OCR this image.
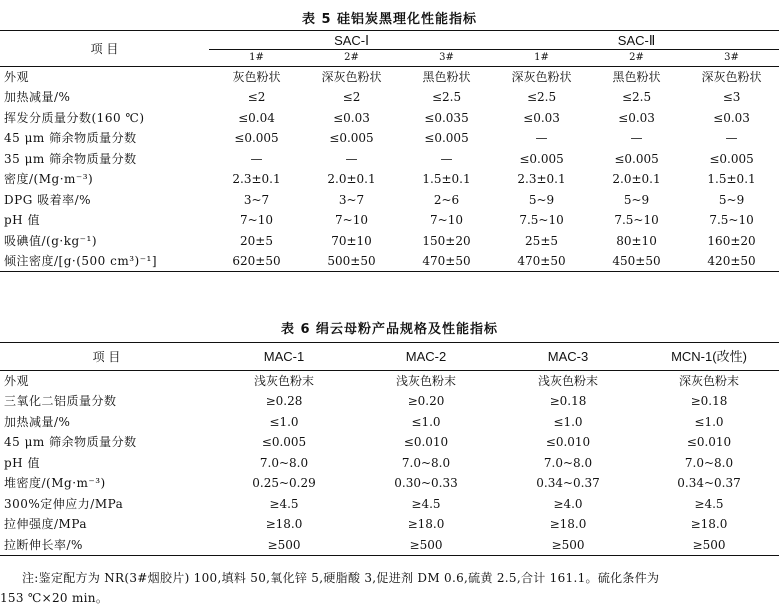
表 5 硅铝炭黑理化性能指标
项 目	SAC-Ⅰ			SAC-Ⅱ		
	1#	2#	3#	1#	2#	3#
外观	灰色粉状	深灰色粉状	黑色粉状	深灰色粉状	黑色粉状	深灰色粉状
加热减量/%	≤2	≤2	≤2.5	≤2.5	≤2.5	≤3
挥发分质量分数(160 ℃)	≤0.04	≤0.03	≤0.035	≤0.03	≤0.03	≤0.03
45 μm 筛余物质量分数	≤0.005	≤0.005	≤0.005	—	—	—
35 μm 筛余物质量分数	—	—	—	≤0.005	≤0.005	≤0.005
密度/(Mg·m⁻³)	2.3±0.1	2.0±0.1	1.5±0.1	2.3±0.1	2.0±0.1	1.5±0.1
DPG 吸着率/%	3~7	3~7	2~6	5~9	5~9	5~9
pH 值	7~10	7~10	7~10	7.5~10	7.5~10	7.5~10
吸碘值/(g·kg⁻¹)	20±5	70±10	150±20	25±5	80±10	160±20
倾注密度/[g·(500 cm³)⁻¹]	620±50	500±50	470±50	470±50	450±50	420±50
表 6 绢云母粉产品规格及性能指标
项 目	MAC-1	MAC-2	MAC-3	MCN-1(改性)
外观	浅灰色粉末	浅灰色粉末	浅灰色粉末	深灰色粉末
三氧化二铝质量分数	≥0.28	≥0.20	≥0.18	≥0.18
加热减量/%	≤1.0	≤1.0	≤1.0	≤1.0
45 μm 筛余物质量分数	≤0.005	≤0.010	≤0.010	≤0.010
pH 值	7.0~8.0	7.0~8.0	7.0~8.0	7.0~8.0
堆密度/(Mg·m⁻³)	0.25~0.29	0.30~0.33	0.34~0.37	0.34~0.37
300%定伸应力/MPa	≥4.5	≥4.5	≥4.0	≥4.5
拉伸强度/MPa	≥18.0	≥18.0	≥18.0	≥18.0
拉断伸长率/%	≥500	≥500	≥500	≥500
注:鉴定配方为 NR(3#烟胶片) 100,填料 50,氧化锌 5,硬脂酸 3,促进剂 DM 0.6,硫黄 2.5,合计 161.1。硫化条件为
153 ℃×20 min。
